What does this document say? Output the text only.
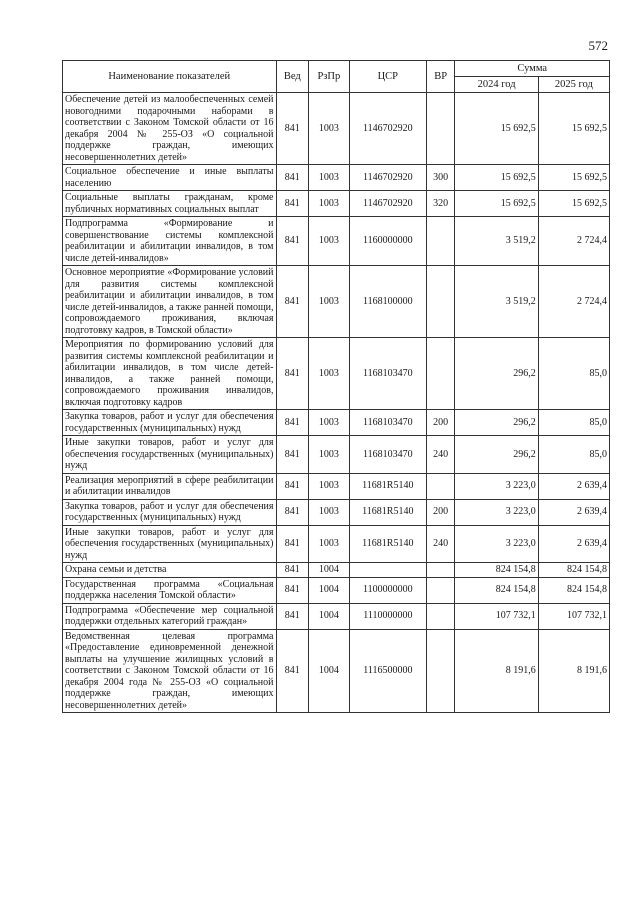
572
Наименование показателей	Вед	РзПр	ЦСР	ВР	Сумма	
					2024 год	2025 год
Обеспечение детей из малообеспеченных семей новогодними подарочными наборами в соответствии с Законом Томской области от 16 декабря 2004 № 255-ОЗ «О социальной поддержке граждан, имеющих несовершеннолетних детей»	841	1003	1146702920		15 692,5	15 692,5
Социальное обеспечение и иные выплаты населению	841	1003	1146702920	300	15 692,5	15 692,5
Социальные выплаты гражданам, кроме публичных нормативных социальных выплат	841	1003	1146702920	320	15 692,5	15 692,5
Подпрограмма «Формирование и совершенствование системы комплексной реабилитации и абилитации инвалидов, в том числе детей-инвалидов»	841	1003	1160000000		3 519,2	2 724,4
Основное мероприятие «Формирование условий для развития системы комплексной реабилитации и абилитации инвалидов, в том числе детей-инвалидов, а также ранней помощи, сопровождаемого проживания, включая подготовку кадров, в Томской области»	841	1003	1168100000		3 519,2	2 724,4
Мероприятия по формированию условий для развития системы комплексной реабилитации и абилитации инвалидов, в том числе детей-инвалидов, а также ранней помощи, сопровождаемого проживания инвалидов, включая подготовку кадров	841	1003	1168103470		296,2	85,0
Закупка товаров, работ и услуг для обеспечения государственных (муниципальных) нужд	841	1003	1168103470	200	296,2	85,0
Иные закупки товаров, работ и услуг для обеспечения государственных (муниципальных) нужд	841	1003	1168103470	240	296,2	85,0
Реализация мероприятий в сфере реабилитации и абилитации инвалидов	841	1003	11681R5140		3 223,0	2 639,4
Закупка товаров, работ и услуг для обеспечения государственных (муниципальных) нужд	841	1003	11681R5140	200	3 223,0	2 639,4
Иные закупки товаров, работ и услуг для обеспечения государственных (муниципальных) нужд	841	1003	11681R5140	240	3 223,0	2 639,4
Охрана семьи и детства	841	1004			824 154,8	824 154,8
Государственная программа «Социальная поддержка населения Томской области»	841	1004	1100000000		824 154,8	824 154,8
Подпрограмма «Обеспечение мер социальной поддержки отдельных категорий граждан»	841	1004	1110000000		107 732,1	107 732,1
Ведомственная целевая программа «Предоставление единовременной денежной выплаты на улучшение жилищных условий в соответствии с Законом Томской области от 16 декабря 2004 года № 255-ОЗ «О социальной поддержке граждан, имеющих несовершеннолетних детей»	841	1004	1116500000		8 191,6	8 191,6
